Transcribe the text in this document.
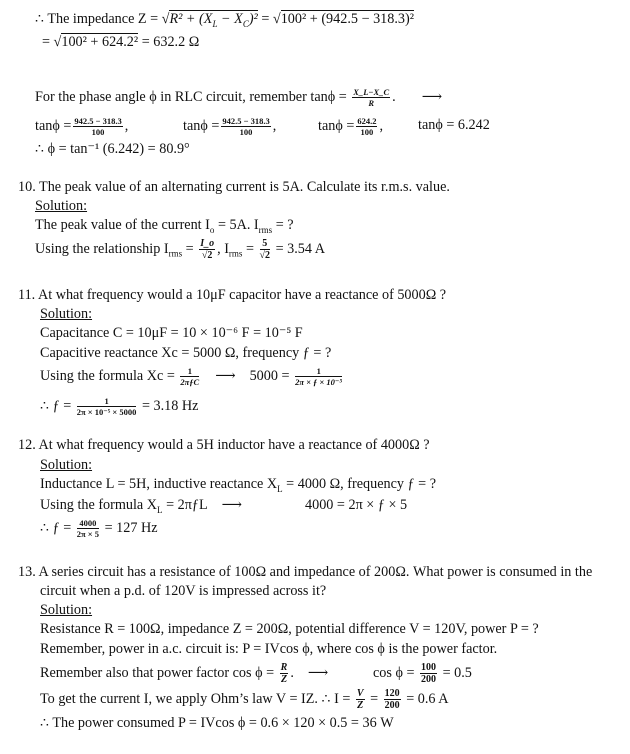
∴ The impedance $Z = √R^2 + (X_L - X_C)^2 = √100^2 + (942.5 - 318.3)^2$
= √100² + 624.2² = 632.2 Ω
For the phase angle ϕ in RLC circuit, remember $\tan\phi = \frac{X\_L-X\_C}{R}$ . ⟶
$\tan\phi = \frac{942.5 - 318.3}{100}$ ,	$\tan\phi = \frac{942.5 - 318.3}{100}$ ,	$\tan\phi = \frac{624.2}{100}$ , tanϕ = 6.242
∴ ϕ = tan⁻¹ (6.242) = 80.9°
10. The peak value of an alternating current is 5A. Calculate its r.m.s. value.
Solution:
The peak value of the current $I_o = 5A$. $I_{rms}$ = ?
Using the relationship $I_{rms} = \frac{I\_o}{√2}$ , $I_{rms} = \frac{5}{√2} = 3.54$ A
11. At what frequency would a 10μF capacitor have a reactance of 5000Ω ?
Solution:
Capacitance C = 10μF = 10 × 10⁻⁶ F = 10⁻⁵ F
Capacitive reactance Xc = 5000 Ω, frequency ƒ = ?
Using the formula $Xc = \frac{1}{\text{2πƒC}}$ ⟶ $5000 = \frac{1}{\text{2π × ƒ × 10⁻⁵}}$
∴ ƒ = $\frac{1}{\text{2π × 10⁻⁵ × 5000}} = 3.18$ Hz
12. At what frequency would a 5H inductor have a reactance of 4000Ω ?
Solution:
Inductance L = 5H, inductive reactance $X_L = 4000$ Ω, frequency ƒ = ?
Using the formula $X_L$ = 2πƒL ⟶	4000 = 2π × ƒ × 5
∴ ƒ = $\frac{4000}{2\pi \times 5} = 127$ Hz
13. A series circuit has a resistance of 100Ω and impedance of 200Ω. What power is consumed in the
circuit when a p.d. of 120V is impressed across it?
Solution:
Resistance R = 100Ω, impedance Z = 200Ω, potential difference V = 120V, power P = ?
Remember, power in a.c. circuit is: P = IVcos ϕ, where cos ϕ is the power factor.
Remember also that power factor $\cos \phi = \frac{R}{Z}$ . ⟶	$\cos \phi = \frac{100}{200} = 0.5$
To get the current I, we apply Ohm’s law V = IZ. ∴ $I = \frac{V}{Z} = \frac{120}{200} = 0.6$ A
∴ The power consumed P = IVcos ϕ = 0.6 × 120 × 0.5 = 36 W
